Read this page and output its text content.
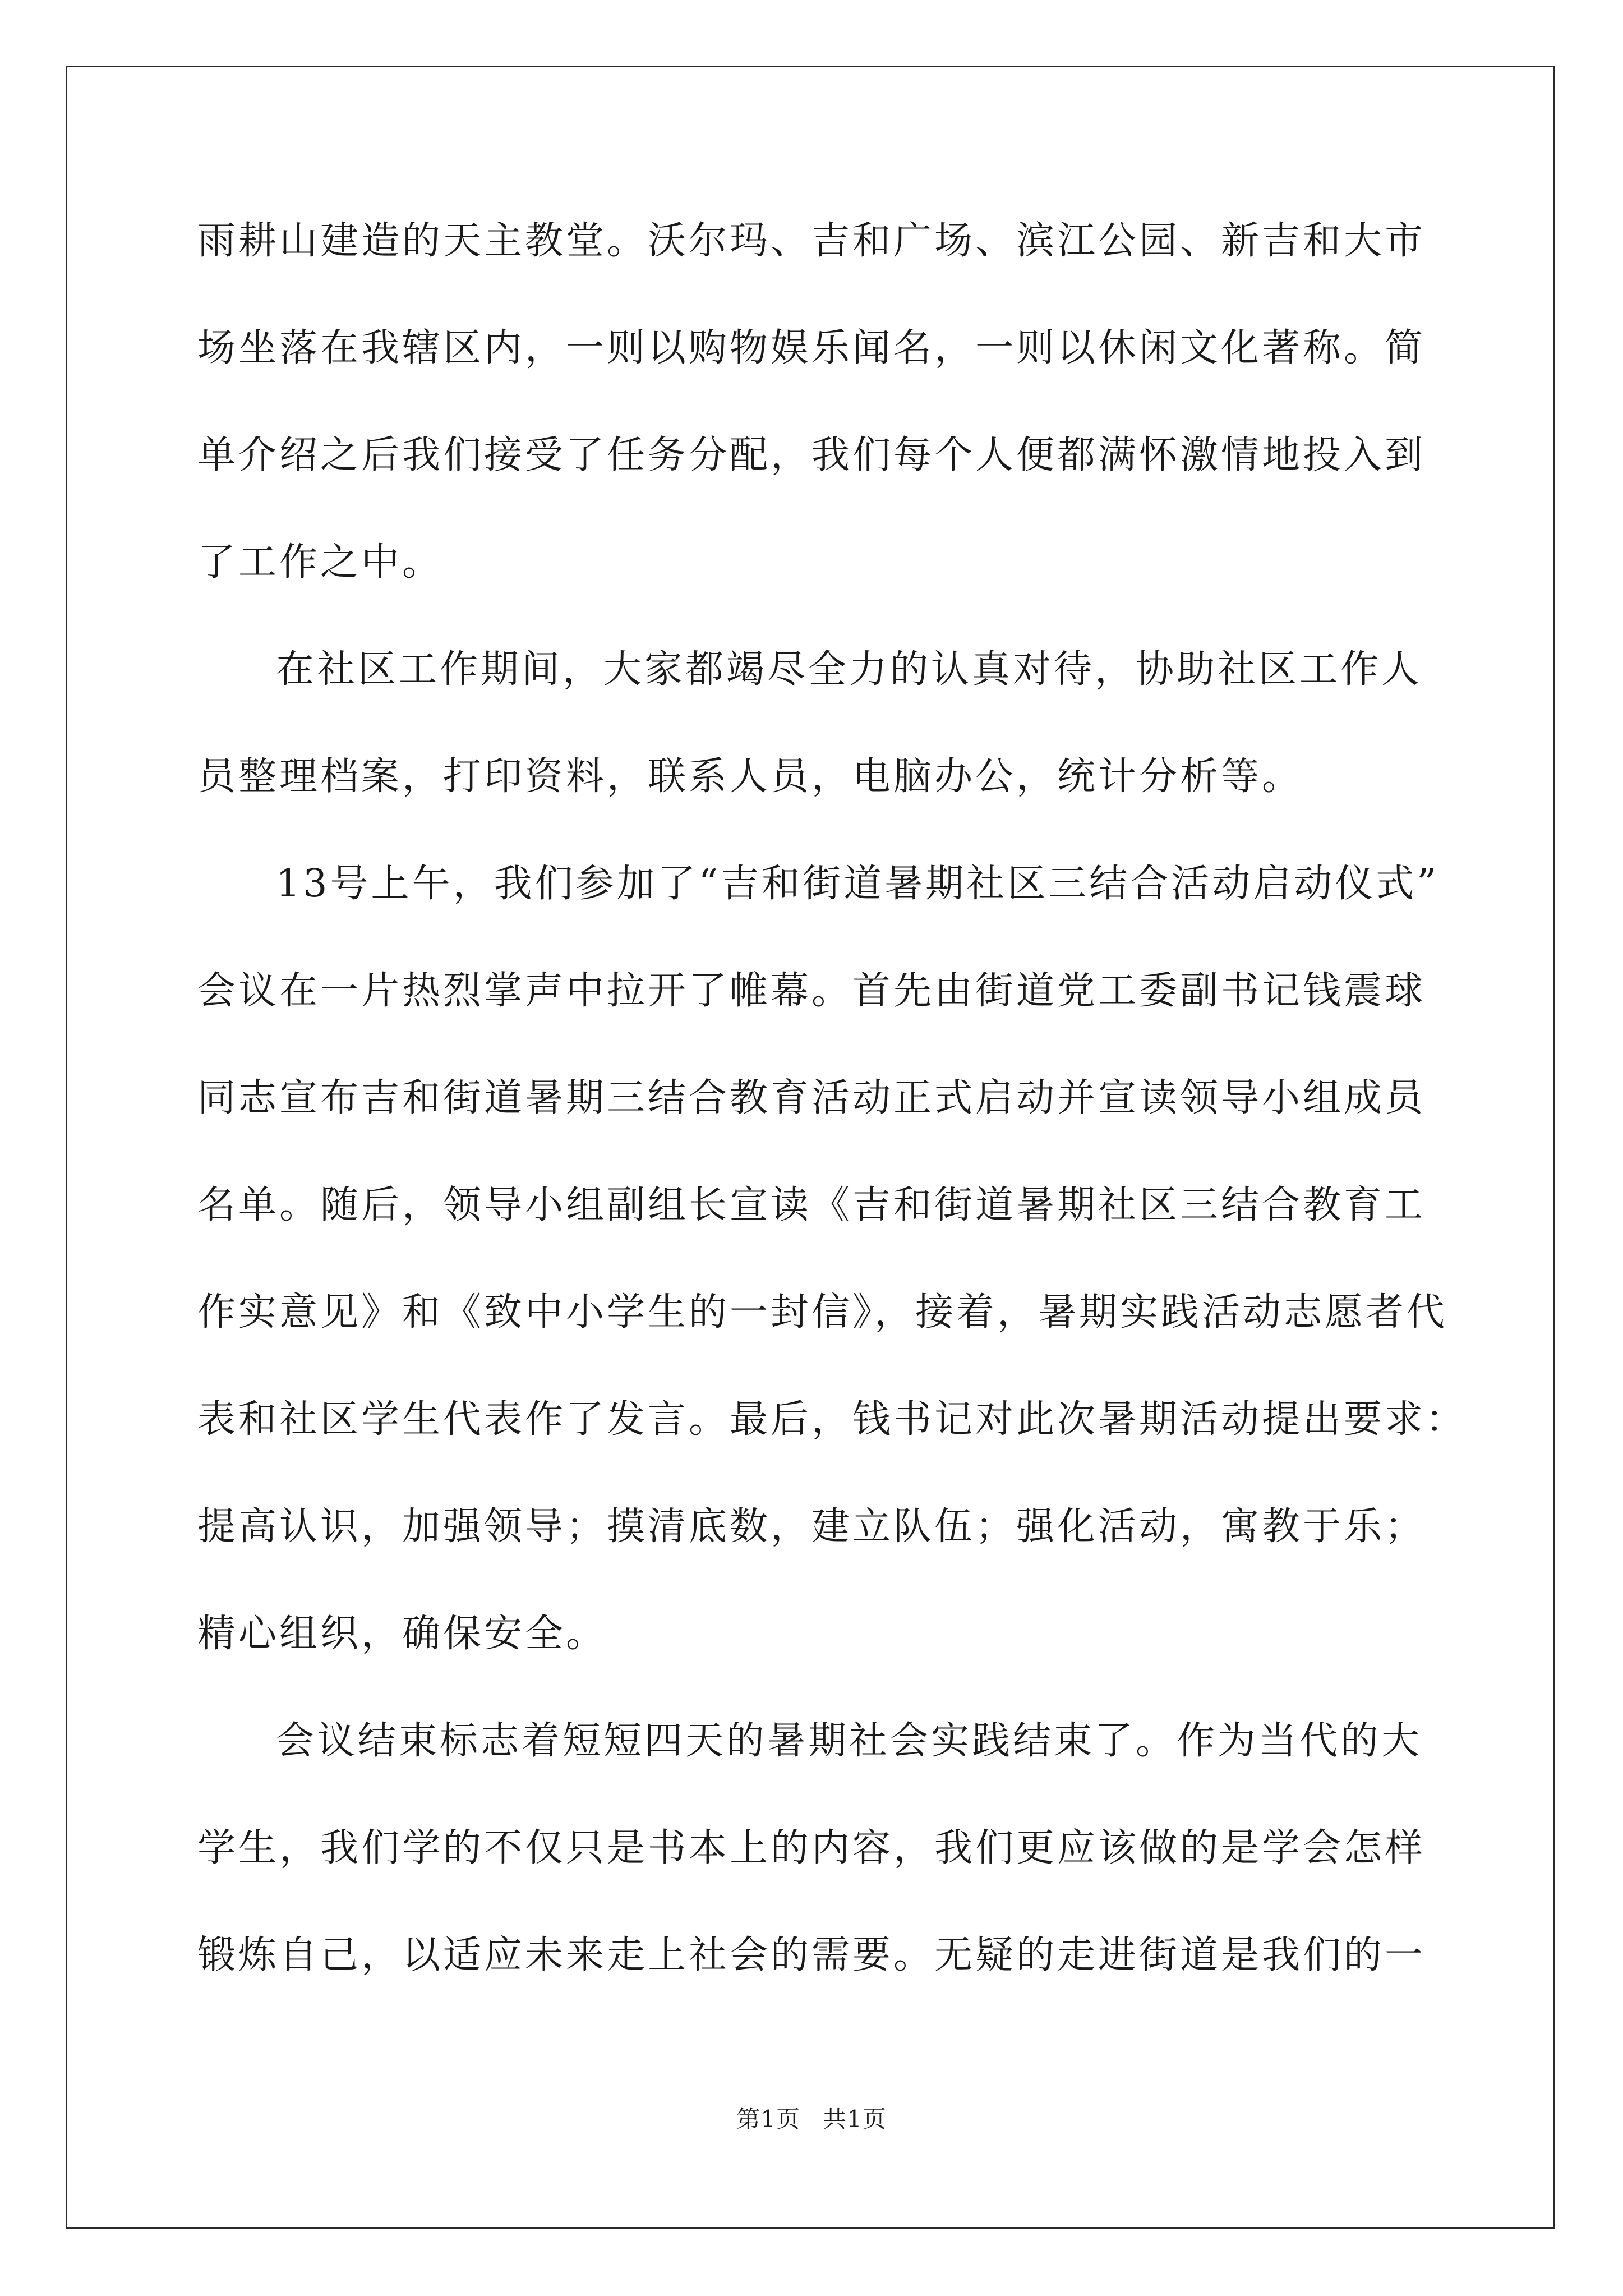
雨耕山建造的天主教堂。沃尔玛、吉和广场、滨江公园、新吉和大市
场坐落在我辖区内，一则以购物娱乐闻名，一则以休闲文化著称。简
单介绍之后我们接受了任务分配，我们每个人便都满怀激情地投入到
了工作之中。
在社区工作期间，大家都竭尽全力的认真对待，协助社区工作人
员整理档案，打印资料，联系人员，电脑办公，统计分析等。
13号上午，我们参加了“吉和街道暑期社区三结合活动启动仪式”
会议在一片热烈掌声中拉开了帷幕。首先由街道党工委副书记钱震球
同志宣布吉和街道暑期三结合教育活动正式启动并宣读领导小组成员
名单。随后，领导小组副组长宣读《吉和街道暑期社区三结合教育工
作实意见》和《致中小学生的一封信》，接着，暑期实践活动志愿者代
表和社区学生代表作了发言。最后，钱书记对此次暑期活动提出要求：
提高认识，加强领导；摸清底数，建立队伍；强化活动，寓教于乐；
精心组织，确保安全。
会议结束标志着短短四天的暑期社会实践结束了。作为当代的大
学生，我们学的不仅只是书本上的内容，我们更应该做的是学会怎样
锻炼自己，以适应未来走上社会的需要。无疑的走进街道是我们的一
第1页 共1页
